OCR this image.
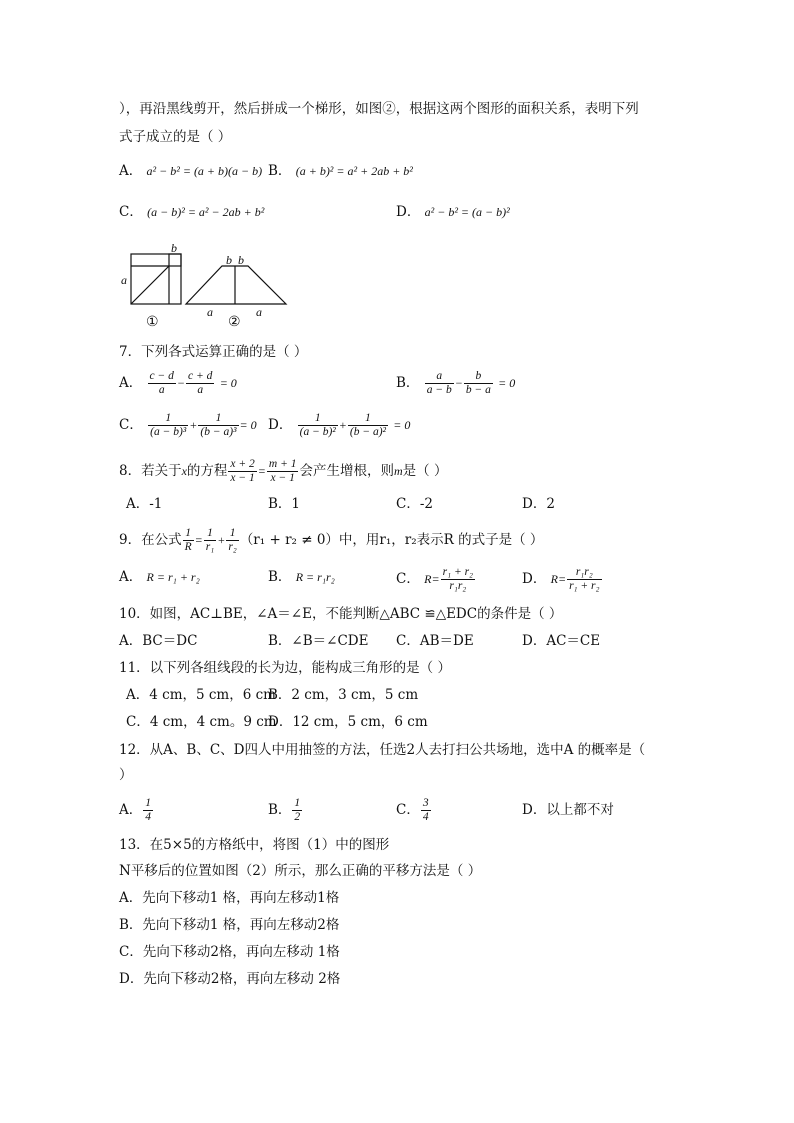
），再沿黑线剪开，然后拼成一个梯形，如图②，根据这两个图形的面积关系，表明下列
式子成立的是（ ）
A． a² − b² = (a + b)(a − b) B． (a + b)² = a² + 2ab + b²
C． (a − b)² = a² − 2ab + b²	D． a² − b² = (a − b)²
b
a
b b
a	a
①	②
7．下列各式运算正确的是（ ）
A． $\frac{c - d}{a} - \frac{c + d}{a} = 0$	B． $\frac{a}{a - b} - \frac{b}{b - a} = 0$
C． $\frac{1}{\text{(a − b)³}} + \frac{1}{\text{(b − a)³}} = 0$ D． $\frac{1}{\text{(a − b)²}} + \frac{1}{\text{(b − a)²}} = 0$
8．若关于x的方程 $\frac{x + 2}{x - 1} = \frac{m + 1}{x - 1}$ 会产生增根，则m是（ ）
A．-1	B．1	C．-2	D．2
9．在公式 $\frac{1}{R} = \frac{1}{\text{r₁}} + \frac{1}{\text{r₂}} (r_1 + r_2 \ne 0)$中，用r₁，r₂表示R 的式子是（ ）
A． R = r₁ + r₂	B． R = r₁r₂	C． $R= \frac{\text{r₁ + r₂}}{\text{r₁r₂}}$	D． $R= \frac{\text{r₁r₂}}{\text{r₁ + r₂}}$
10．如图，AC⊥BE，∠A＝∠E，不能判断△ABC ≌△EDC的条件是（ ）
A．BC＝DC	B．∠B＝∠CDE C．AB＝DE	D．AC＝CE
11．以下列各组线段的长为边，能构成三角形的是（ ）
A．4 cm，5 cm，6 cm
B．2 cm，3 cm，5 cm
C．4 cm，4 cm。9 cm
D．12 cm，5 cm，6 cm
12．从A、B、C、D四人中用抽签的方法，任选2人去打扫公共场地，选中A 的概率是（
）
A． $\frac{1}{4}$	B． $\frac{1}{2}$	C． $\frac{3}{4}$	D．以上都不对
13．在5×5的方格纸中，将图（1）中的图形
N平移后的位置如图（2）所示，那么正确的平移方法是（ ）
A．先向下移动1 格，再向左移动1格
B．先向下移动1 格，再向左移动2格
C．先向下移动2格，再向左移动 1格
D．先向下移动2格，再向左移动 2格
